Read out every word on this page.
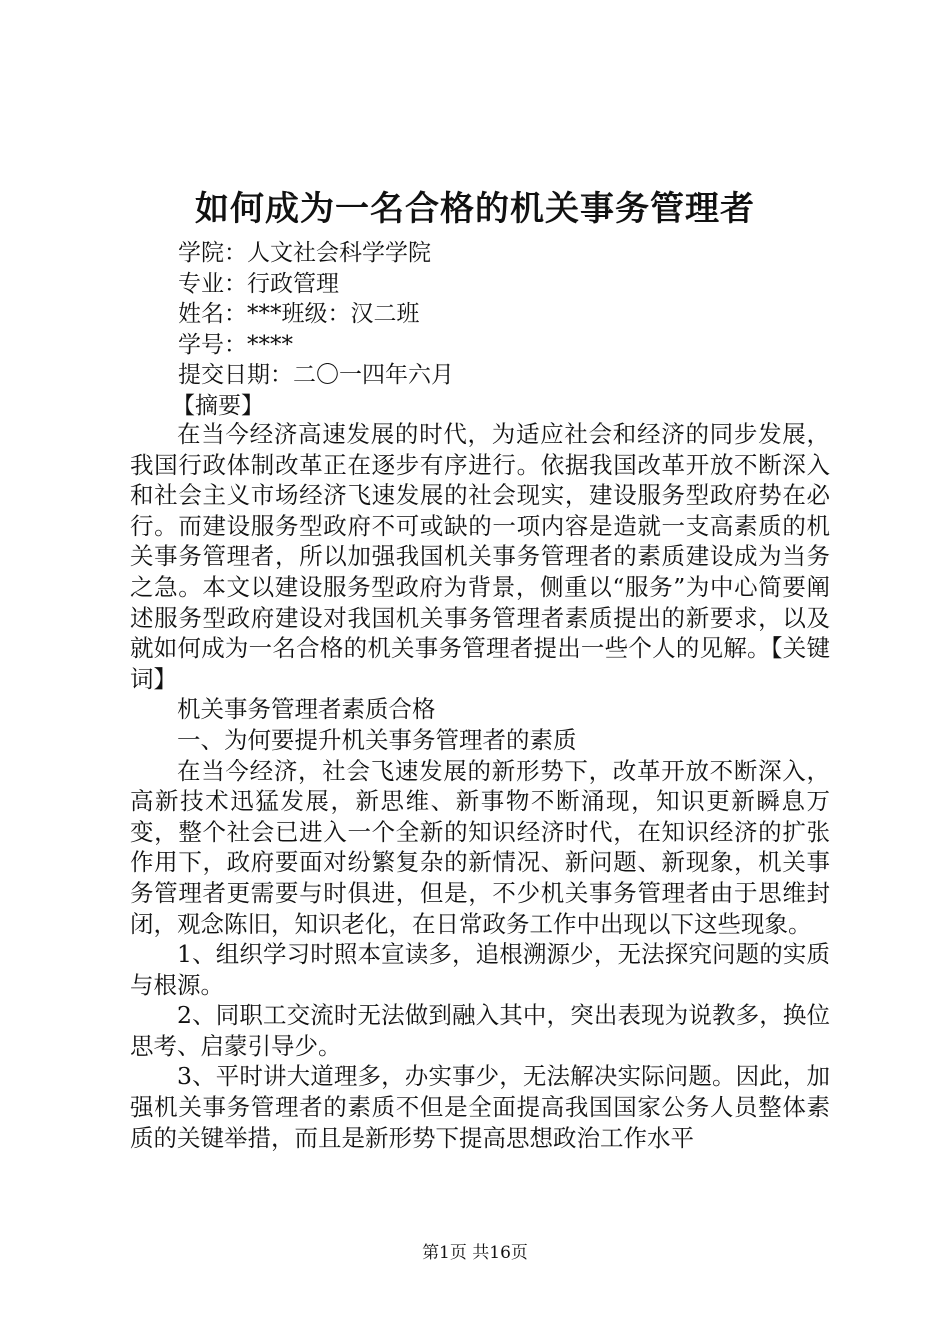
如何成为一名合格的机关事务管理者
学院：人文社会科学学院
专业：行政管理
姓名：***班级：汉二班
学号：****
提交日期：二〇一四年六月
【摘要】

在当今经济高速发展的时代，为适应社会和经济的同步发展，我国行政体制改革正在逐步有序进行。依据我国改革开放不断深入和社会主义市场经济飞速发展的社会现实，建设服务型政府势在必行。而建设服务型政府不可或缺的一项内容是造就一支高素质的机关事务管理者，所以加强我国机关事务管理者的素质建设成为当务之急。本文以建设服务型政府为背景，侧重以“服务”为中心简要阐述服务型政府建设对我国机关事务管理者素质提出的新要求，以及就如何成为一名合格的机关事务管理者提出一些个人的见解。【关键词】

机关事务管理者素质合格

一、为何要提升机关事务管理者的素质

在当今经济，社会飞速发展的新形势下，改革开放不断深入，高新技术迅猛发展，新思维、新事物不断涌现，知识更新瞬息万变，整个社会已进入一个全新的知识经济时代，在知识经济的扩张作用下，政府要面对纷繁复杂的新情况、新问题、新现象，机关事务管理者更需要与时俱进，但是，不少机关事务管理者由于思维封闭，观念陈旧，知识老化，在日常政务工作中出现以下这些现象。

1、组织学习时照本宣读多，追根溯源少，无法探究问题的实质与根源。

2、同职工交流时无法做到融入其中，突出表现为说教多，换位思考、启蒙引导少。

3、平时讲大道理多，办实事少，无法解决实际问题。因此，加强机关事务管理者的素质不但是全面提高我国国家公务人员整体素质的关键举措，而且是新形势下提高思想政治工作水平

第1页 共16页
